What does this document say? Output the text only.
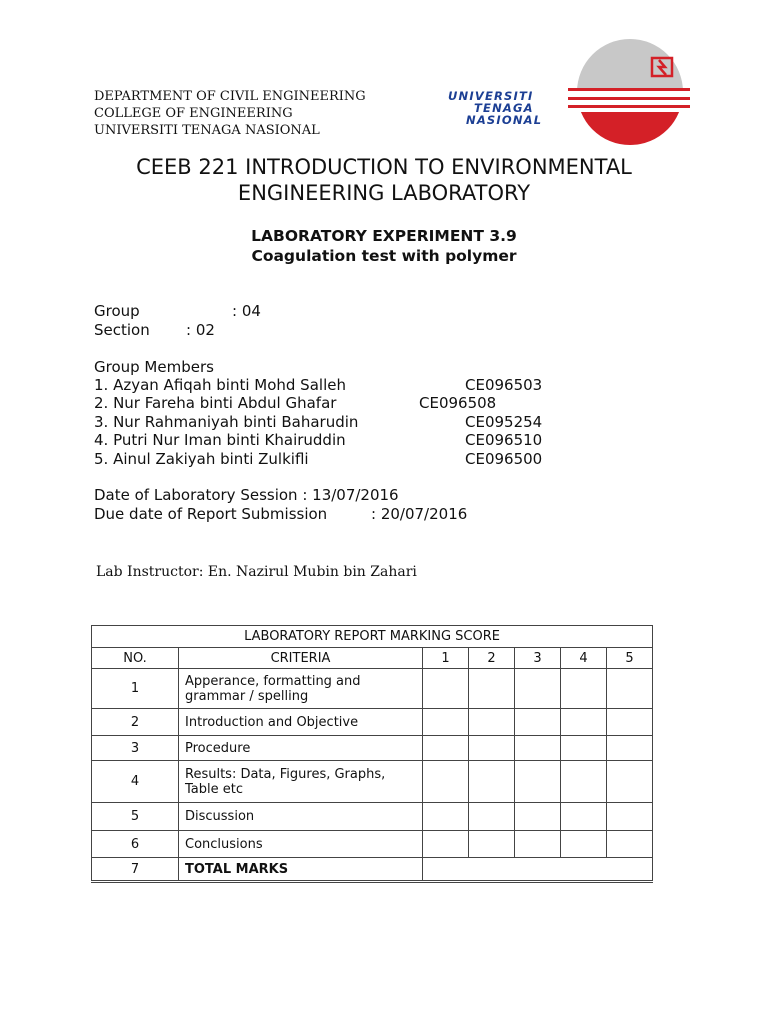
DEPARTMENT OF CIVIL ENGINEERING
COLLEGE OF ENGINEERING
UNIVERSITI TENAGA NASIONAL
UNIVERSITI
TENAGA
NASIONAL
CEEB 221 INTRODUCTION TO ENVIRONMENTAL
ENGINEERING LABORATORY
LABORATORY EXPERIMENT 3.9
Coagulation test with polymer
Group	: 04
Section : 02
Group Members
1. Azyan Afiqah binti Mohd Salleh	CE096503
2. Nur Fareha binti Abdul Ghafar	CE096508
3. Nur Rahmaniyah binti Baharudin	CE095254
4. Putri Nur Iman binti Khairuddin	CE096510
5. Ainul Zakiyah binti Zulkifli	CE096500
Date of Laboratory Session : 13/07/2016
Due date of Report Submission	: 20/07/2016
Lab Instructor: En. Nazirul Mubin bin Zahari
LABORATORY REPORT MARKING SCORE						
NO.	CRITERIA	1	2	3	4	5
1	Apperance, formatting and
grammar / spelling					

2	Introduction and Objective					
3	Procedure					
4	Results: Data, Figures, Graphs,
Table etc					

5	Discussion					
6	Conclusions					
7	TOTAL MARKS					
